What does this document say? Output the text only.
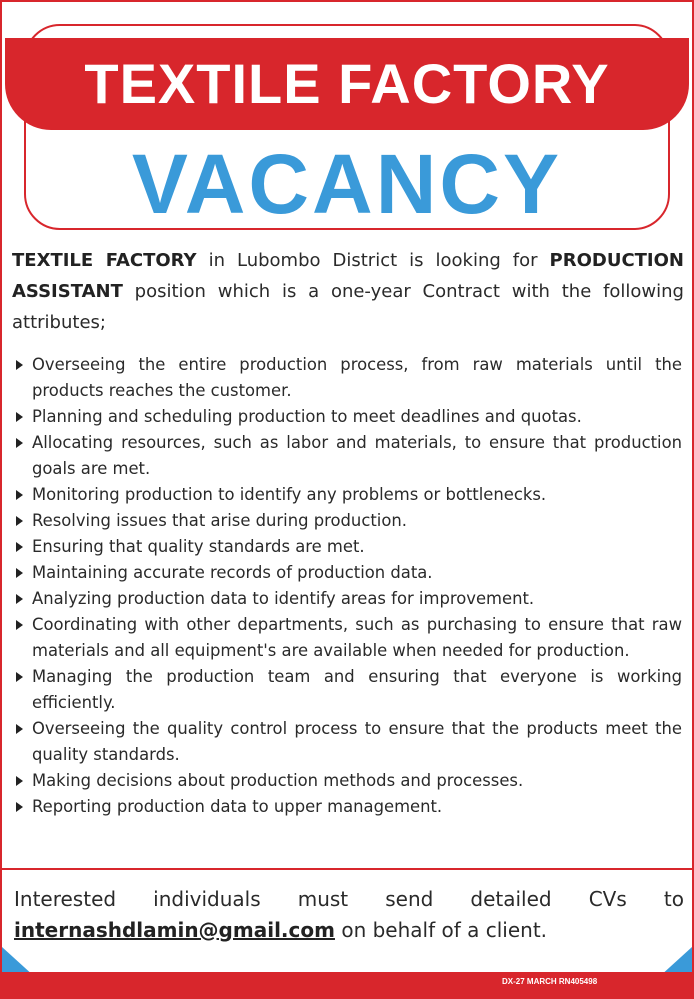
TEXTILE FACTORY
VACANCY

TEXTILE FACTORY in Lubombo District is looking for PRODUCTION ASSISTANT position which is a one-year Contract with the following attributes;

Overseeing the entire production process, from raw materials until the products reaches the customer.
Planning and scheduling production to meet deadlines and quotas.
Allocating resources, such as labor and materials, to ensure that production goals are met.
Monitoring production to identify any problems or bottlenecks.
Resolving issues that arise during production.
Ensuring that quality standards are met.
Maintaining accurate records of production data.
Analyzing production data to identify areas for improvement.
Coordinating with other departments, such as purchasing to ensure that raw materials and all equipment's are available when needed for production.
Managing the production team and ensuring that everyone is working efficiently.
Overseeing the quality control process to ensure that the products meet the quality standards.
Making decisions about production methods and processes.
Reporting production data to upper management.
Interested individuals must send detailed CVs to
internashdlamin@gmail.com on behalf of a client.
DX-27 MARCH RN405498
